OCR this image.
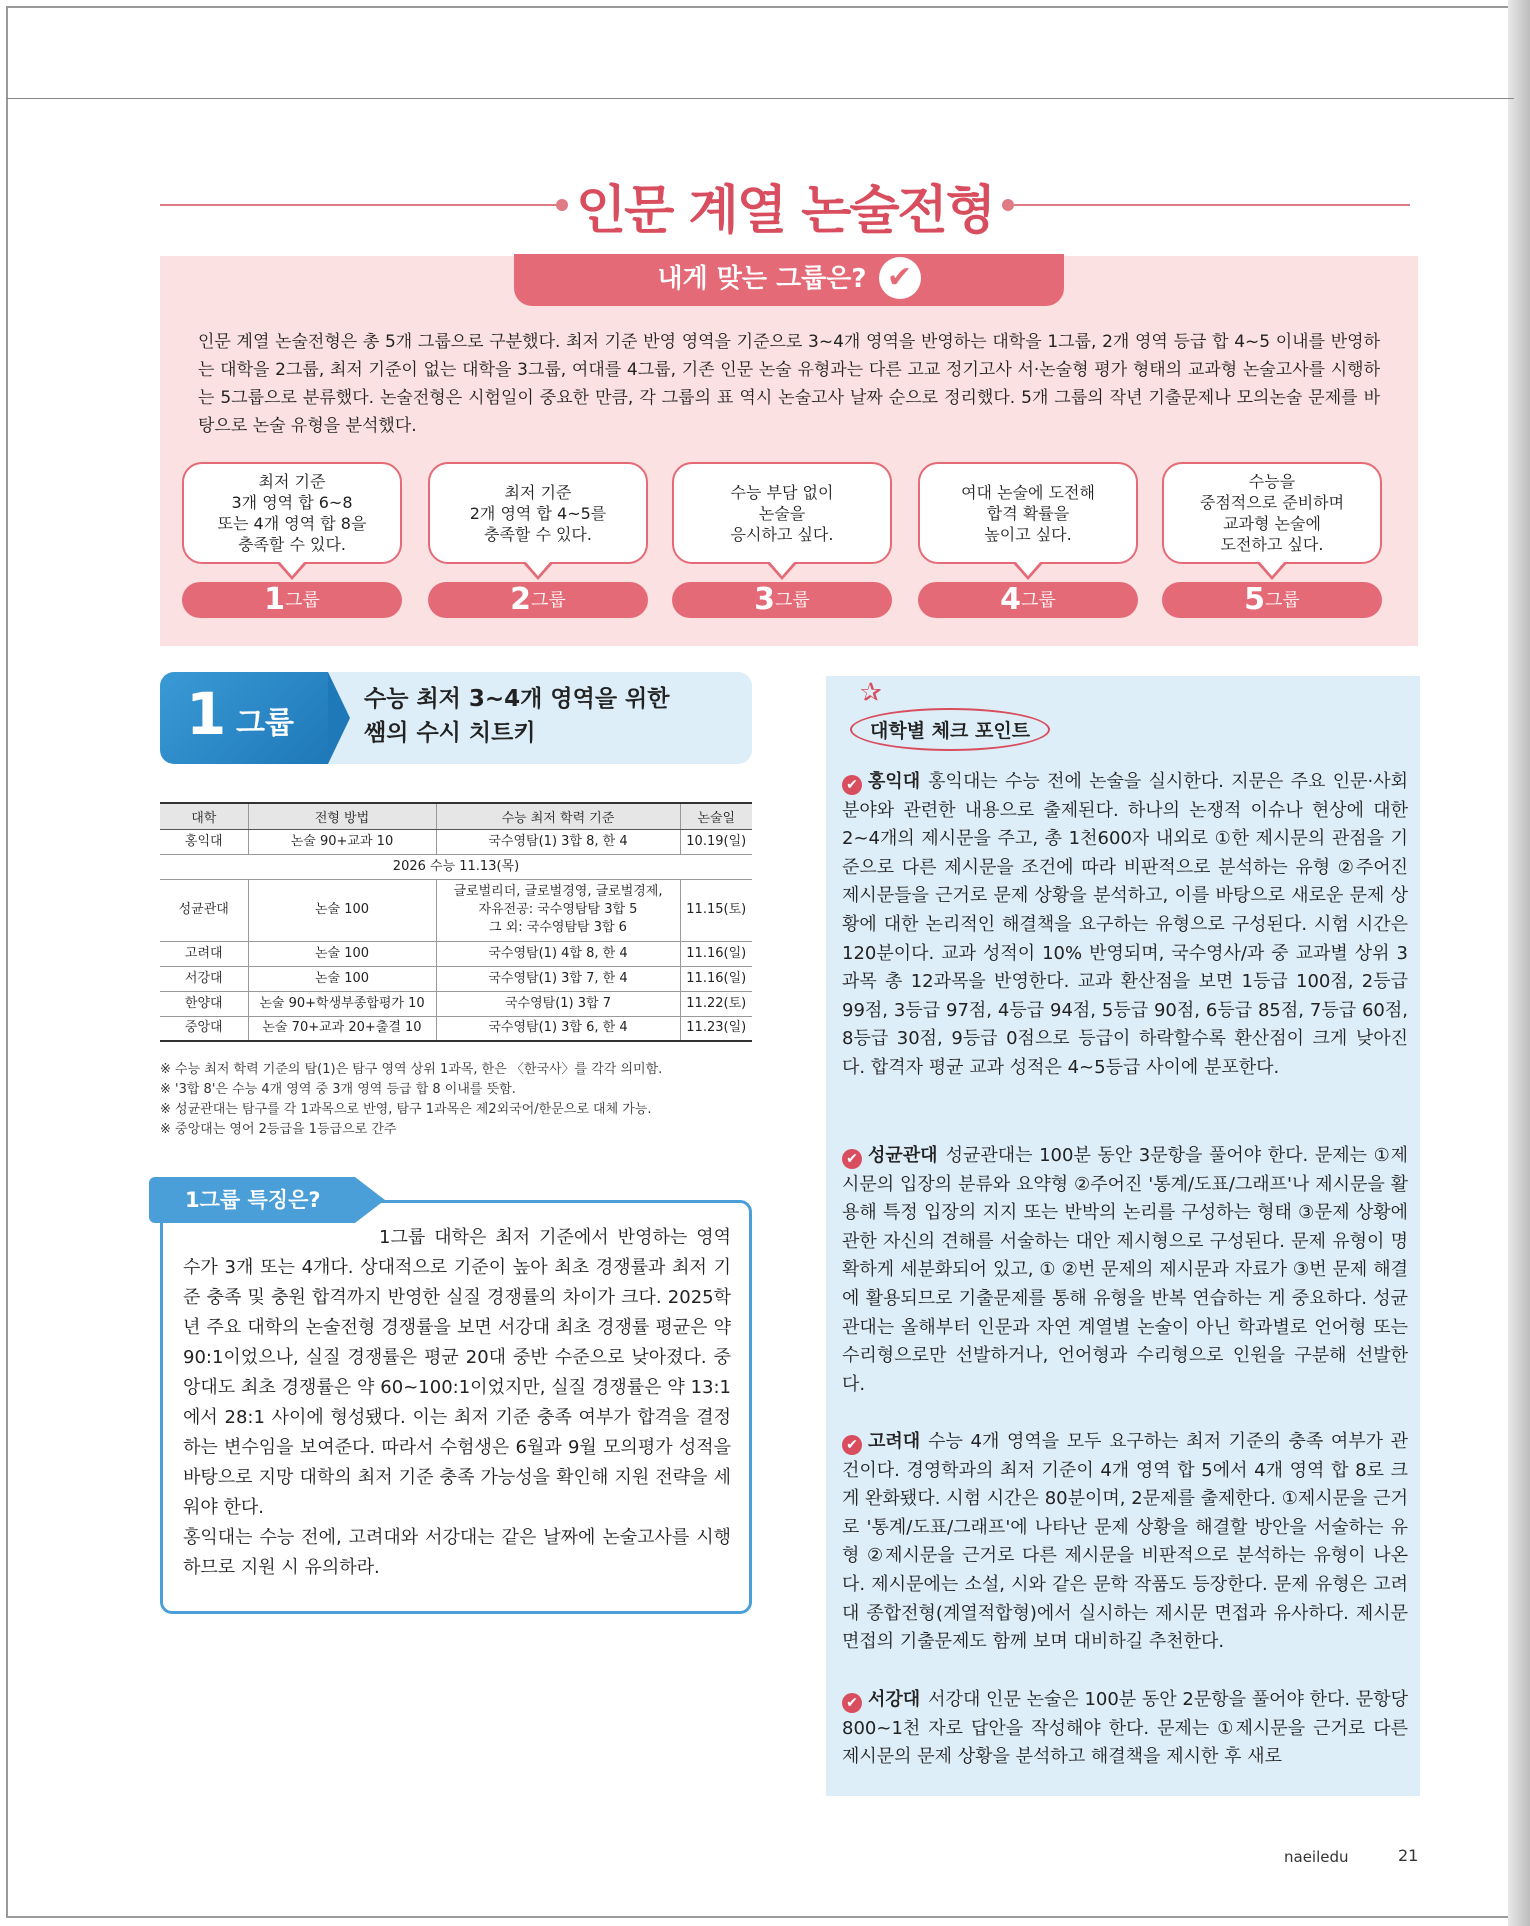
인문 계열 논술전형
내게 맞는 그룹은? ✔
인문 계열 논술전형은 총 5개 그룹으로 구분했다. 최저 기준 반영 영역을 기준으로 3~4개 영역을 반영하는 대학을 1그룹, 2개 영역 등급 합 4~5 이내를 반영하는 대학을 2그룹, 최저 기준이 없는 대학을 3그룹, 여대를 4그룹, 기존 인문 논술 유형과는 다른 고교 정기고사 서·논술형 평가 형태의 교과형 논술고사를 시행하는 5그룹으로 분류했다. 논술전형은 시험일이 중요한 만큼, 각 그룹의 표 역시 논술고사 날짜 순으로 정리했다. 5개 그룹의 작년 기출문제나 모의논술 문제를 바탕으로 논술 유형을 분석했다.
최저 기준
3개 영역 합 6~8
또는 4개 영역 합 8을
충족할 수 있다.
1그룹
최저 기준
2개 영역 합 4~5를
충족할 수 있다.
2그룹
수능 부담 없이
논술을
응시하고 싶다.
3그룹
여대 논술에 도전해
합격 확률을
높이고 싶다.
4그룹
수능을
중점적으로 준비하며
교과형 논술에
도전하고 싶다.
5그룹
1 그룹
수능 최저 3~4개 영역을 위한
쌤의 수시 치트키
대학	전형 방법	수능 최저 학력 기준	논술일
홍익대	논술 90+교과 10	국수영탐(1) 3합 8, 한 4	10.19(일)
2026 수능 11.13(목)			
성균관대	논술 100	글로벌리더, 글로벌경영, 글로벌경제,
자유전공: 국수영탐탐 3합 5
그 외: 국수영탐탐 3합 6	11.15(토)
고려대	논술 100	국수영탐(1) 4합 8, 한 4	11.16(일)
서강대	논술 100	국수영탐(1) 3합 7, 한 4	11.16(일)
한양대	논술 90+학생부종합평가 10	국수영탐(1) 3합 7	11.22(토)
중앙대	논술 70+교과 20+출결 10	국수영탐(1) 3합 6, 한 4	11.23(일)
※ 수능 최저 학력 기준의 탐(1)은 탐구 영역 상위 1과목, 한은 〈한국사〉를 각각 의미함.
※ '3합 8'은 수능 4개 영역 중 3개 영역 등급 합 8 이내를 뜻함.
※ 성균관대는 탐구를 각 1과목으로 반영, 탐구 1과목은 제2외국어/한문으로 대체 가능.
※ 중앙대는 영어 2등급을 1등급으로 간주
1그룹 특징은?
1그룹 대학은 최저 기준에서 반영하는 영역 수가 3개 또는 4개다. 상대적으로 기준이 높아 최초 경쟁률과 최저 기준 충족 및 충원 합격까지 반영한 실질 경쟁률의 차이가 크다. 2025학년 주요 대학의 논술전형 경쟁률을 보면 서강대 최초 경쟁률 평균은 약 90:1이었으나, 실질 경쟁률은 평균 20대 중반 수준으로 낮아졌다. 중앙대도 최초 경쟁률은 약 60~100:1이었지만, 실질 경쟁률은 약 13:1에서 28:1 사이에 형성됐다. 이는 최저 기준 충족 여부가 합격을 결정하는 변수임을 보여준다. 따라서 수험생은 6월과 9월 모의평가 성적을 바탕으로 지망 대학의 최저 기준 충족 가능성을 확인해 지원 전략을 세워야 한다.
홍익대는 수능 전에, 고려대와 서강대는 같은 날짜에 논술고사를 시행하므로 지원 시 유의하라.
✰
대학별 체크 포인트
✔ 홍익대 홍익대는 수능 전에 논술을 실시한다. 지문은 주요 인문·사회 분야와 관련한 내용으로 출제된다. 하나의 논쟁적 이슈나 현상에 대한 2~4개의 제시문을 주고, 총 1천600자 내외로 ①한 제시문의 관점을 기준으로 다른 제시문을 조건에 따라 비판적으로 분석하는 유형 ②주어진 제시문들을 근거로 문제 상황을 분석하고, 이를 바탕으로 새로운 문제 상황에 대한 논리적인 해결책을 요구하는 유형으로 구성된다. 시험 시간은 120분이다. 교과 성적이 10% 반영되며, 국수영사/과 중 교과별 상위 3과목 총 12과목을 반영한다. 교과 환산점을 보면 1등급 100점, 2등급 99점, 3등급 97점, 4등급 94점, 5등급 90점, 6등급 85점, 7등급 60점, 8등급 30점, 9등급 0점으로 등급이 하락할수록 환산점이 크게 낮아진다. 합격자 평균 교과 성적은 4~5등급 사이에 분포한다.
✔ 성균관대 성균관대는 100분 동안 3문항을 풀어야 한다. 문제는 ①제시문의 입장의 분류와 요약형 ②주어진 '통계/도표/그래프'나 제시문을 활용해 특정 입장의 지지 또는 반박의 논리를 구성하는 형태 ③문제 상황에 관한 자신의 견해를 서술하는 대안 제시형으로 구성된다. 문제 유형이 명확하게 세분화되어 있고, ① ②번 문제의 제시문과 자료가 ③번 문제 해결에 활용되므로 기출문제를 통해 유형을 반복 연습하는 게 중요하다. 성균관대는 올해부터 인문과 자연 계열별 논술이 아닌 학과별로 언어형 또는 수리형으로만 선발하거나, 언어형과 수리형으로 인원을 구분해 선발한다.
✔ 고려대 수능 4개 영역을 모두 요구하는 최저 기준의 충족 여부가 관건이다. 경영학과의 최저 기준이 4개 영역 합 5에서 4개 영역 합 8로 크게 완화됐다. 시험 시간은 80분이며, 2문제를 출제한다. ①제시문을 근거로 '통계/도표/그래프'에 나타난 문제 상황을 해결할 방안을 서술하는 유형 ②제시문을 근거로 다른 제시문을 비판적으로 분석하는 유형이 나온다. 제시문에는 소설, 시와 같은 문학 작품도 등장한다. 문제 유형은 고려대 종합전형(계열적합형)에서 실시하는 제시문 면접과 유사하다. 제시문 면접의 기출문제도 함께 보며 대비하길 추천한다.
✔ 서강대 서강대 인문 논술은 100분 동안 2문항을 풀어야 한다. 문항당 800~1천 자로 답안을 작성해야 한다. 문제는 ①제시문을 근거로 다른 제시문의 문제 상황을 분석하고 해결책을 제시한 후 새로
naeiledu	21
